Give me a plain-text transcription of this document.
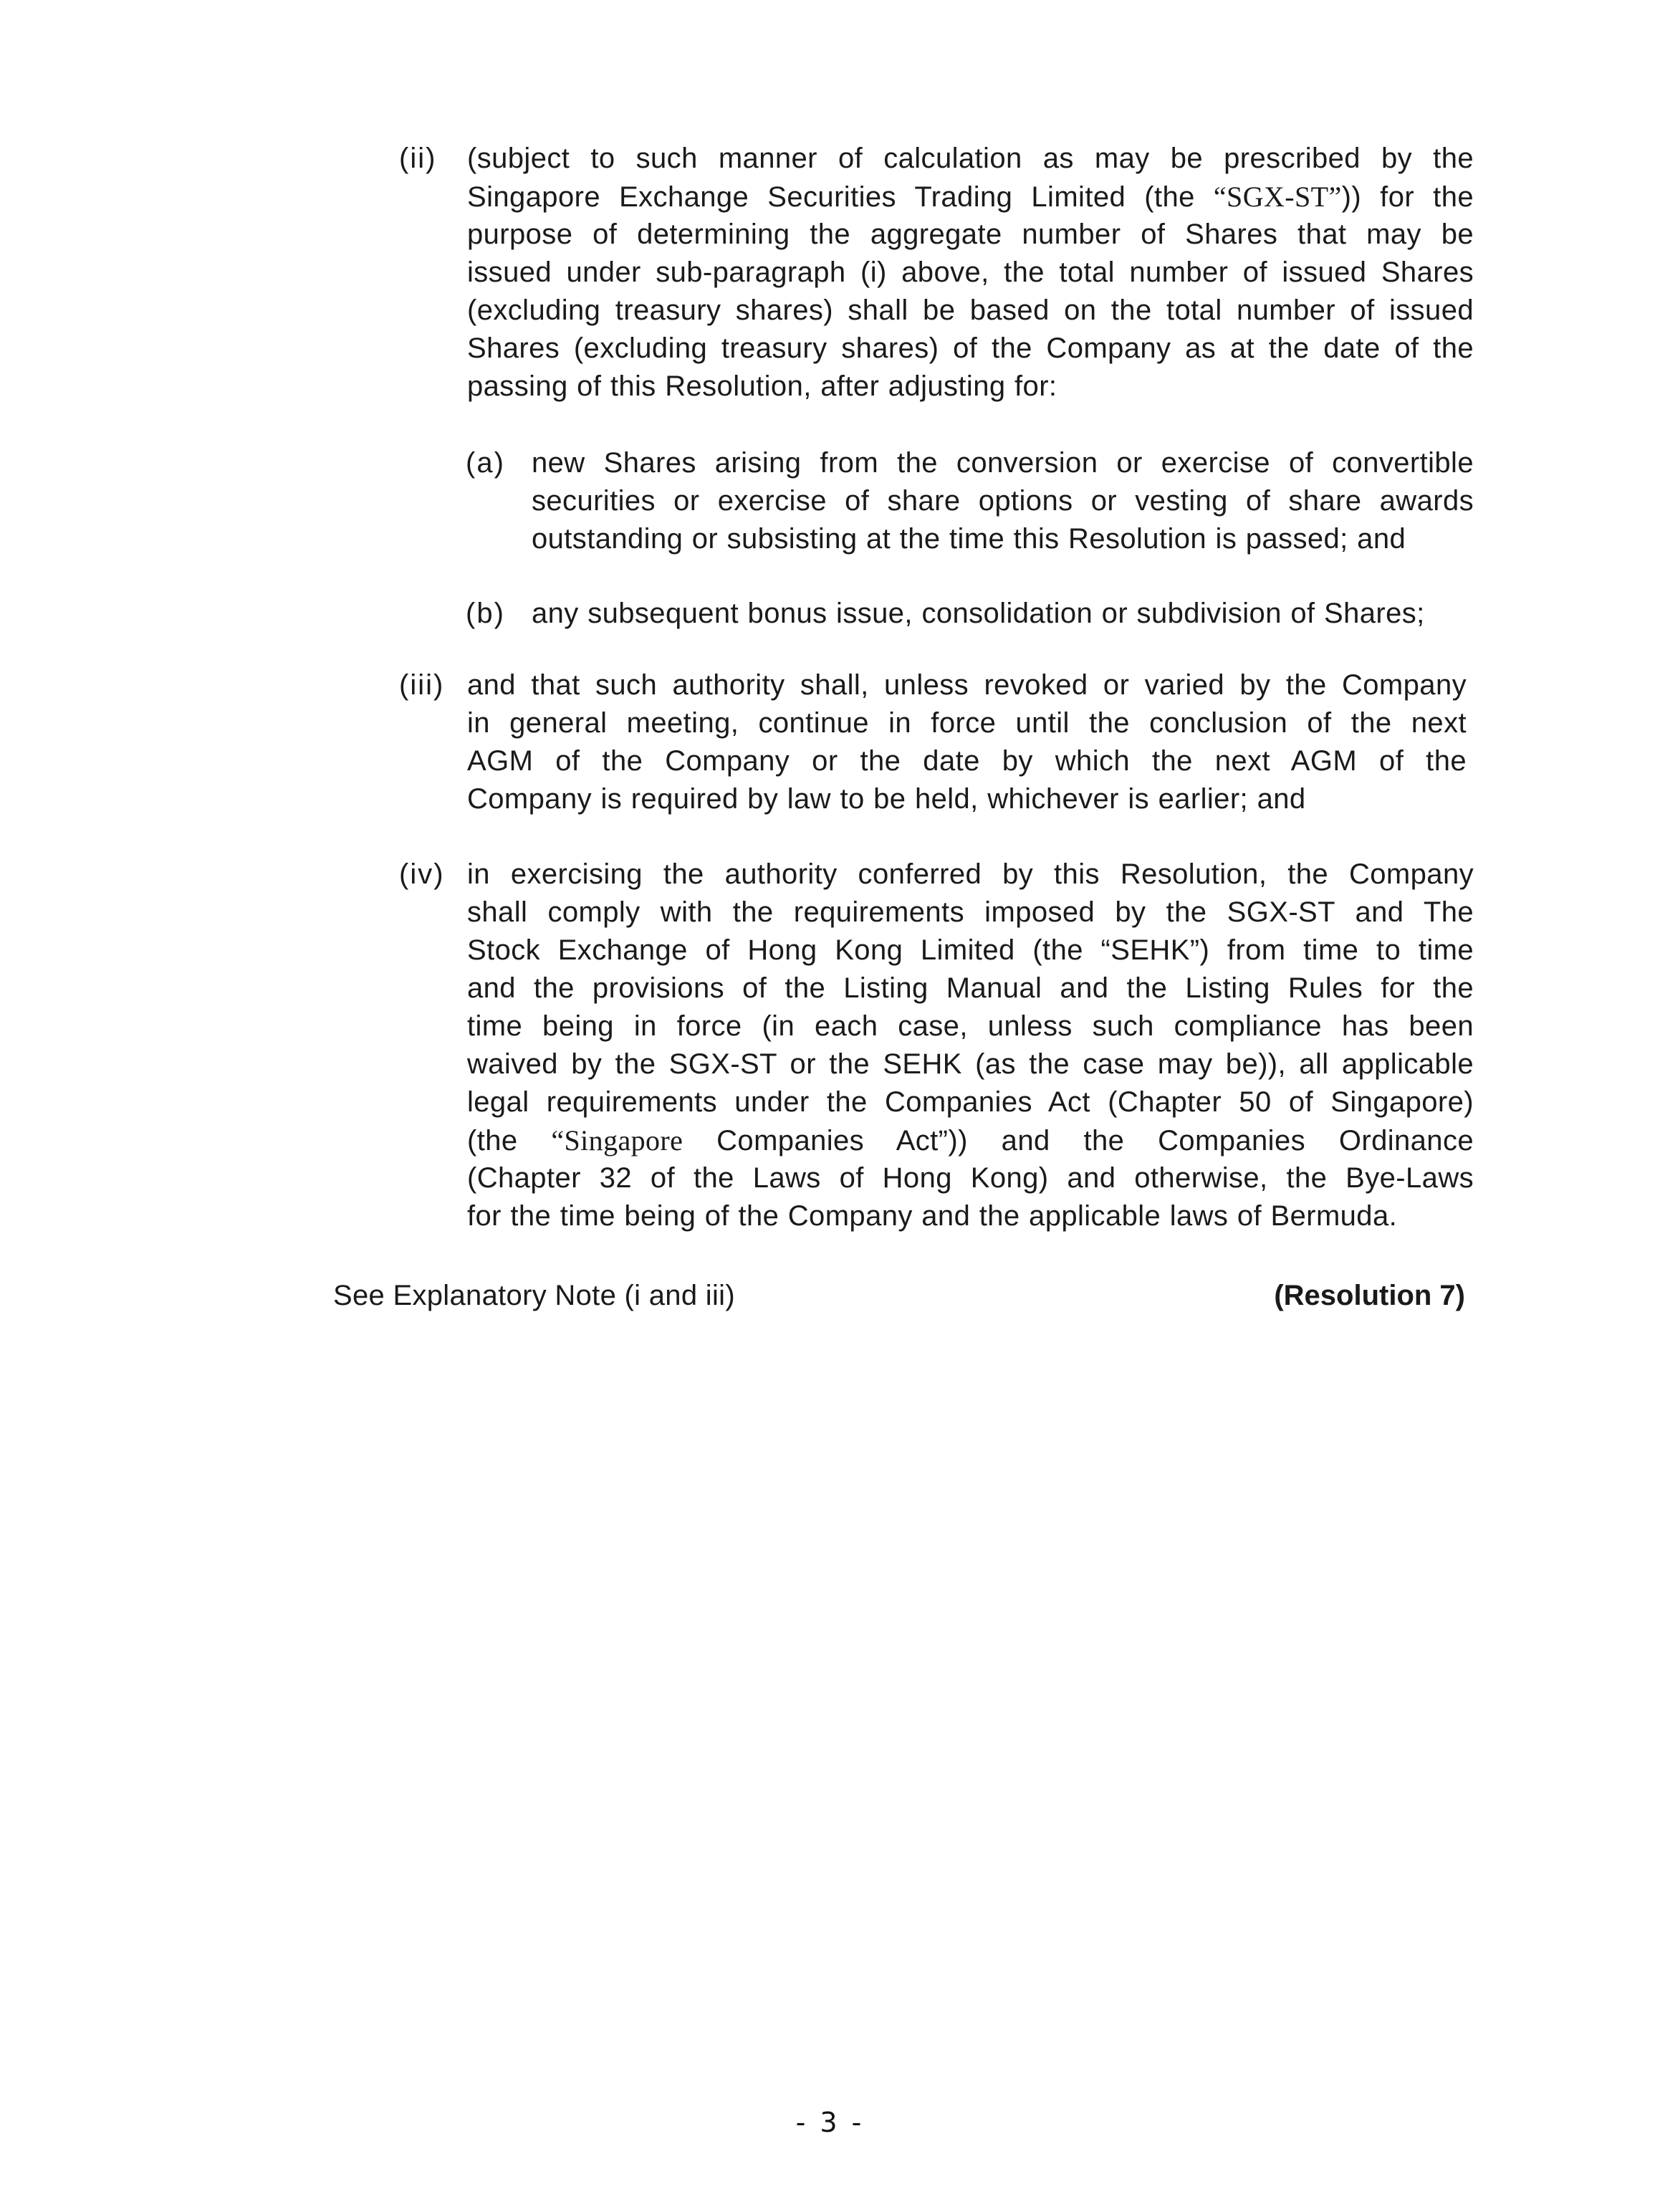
(ii) (subject to such manner of calculation as may be prescribed by the
Singapore Exchange Securities Trading Limited (the “SGX-ST”)) for the
purpose of determining the aggregate number of Shares that may be
issued under sub-paragraph (i) above, the total number of issued Shares
(excluding treasury shares) shall be based on the total number of issued
Shares (excluding treasury shares) of the Company as at the date of the
passing of this Resolution, after adjusting for:
(a) new Shares arising from the conversion or exercise of convertible
securities or exercise of share options or vesting of share awards
outstanding or subsisting at the time this Resolution is passed; and
(b) any subsequent bonus issue, consolidation or subdivision of Shares;
(iii) and that such authority shall, unless revoked or varied by the Company
in general meeting, continue in force until the conclusion of the next
AGM of the Company or the date by which the next AGM of the
Company is required by law to be held, whichever is earlier; and
(iv) in exercising the authority conferred by this Resolution, the Company
shall comply with the requirements imposed by the SGX-ST and The
Stock Exchange of Hong Kong Limited (the “SEHK”) from time to time
and the provisions of the Listing Manual and the Listing Rules for the
time being in force (in each case, unless such compliance has been
waived by the SGX-ST or the SEHK (as the case may be)), all applicable
legal requirements under the Companies Act (Chapter 50 of Singapore)
(the “Singapore Companies Act”)) and the Companies Ordinance
(Chapter 32 of the Laws of Hong Kong) and otherwise, the Bye-Laws
for the time being of the Company and the applicable laws of Bermuda.
See Explanatory Note (i and iii)	(Resolution 7)
- 3 -
